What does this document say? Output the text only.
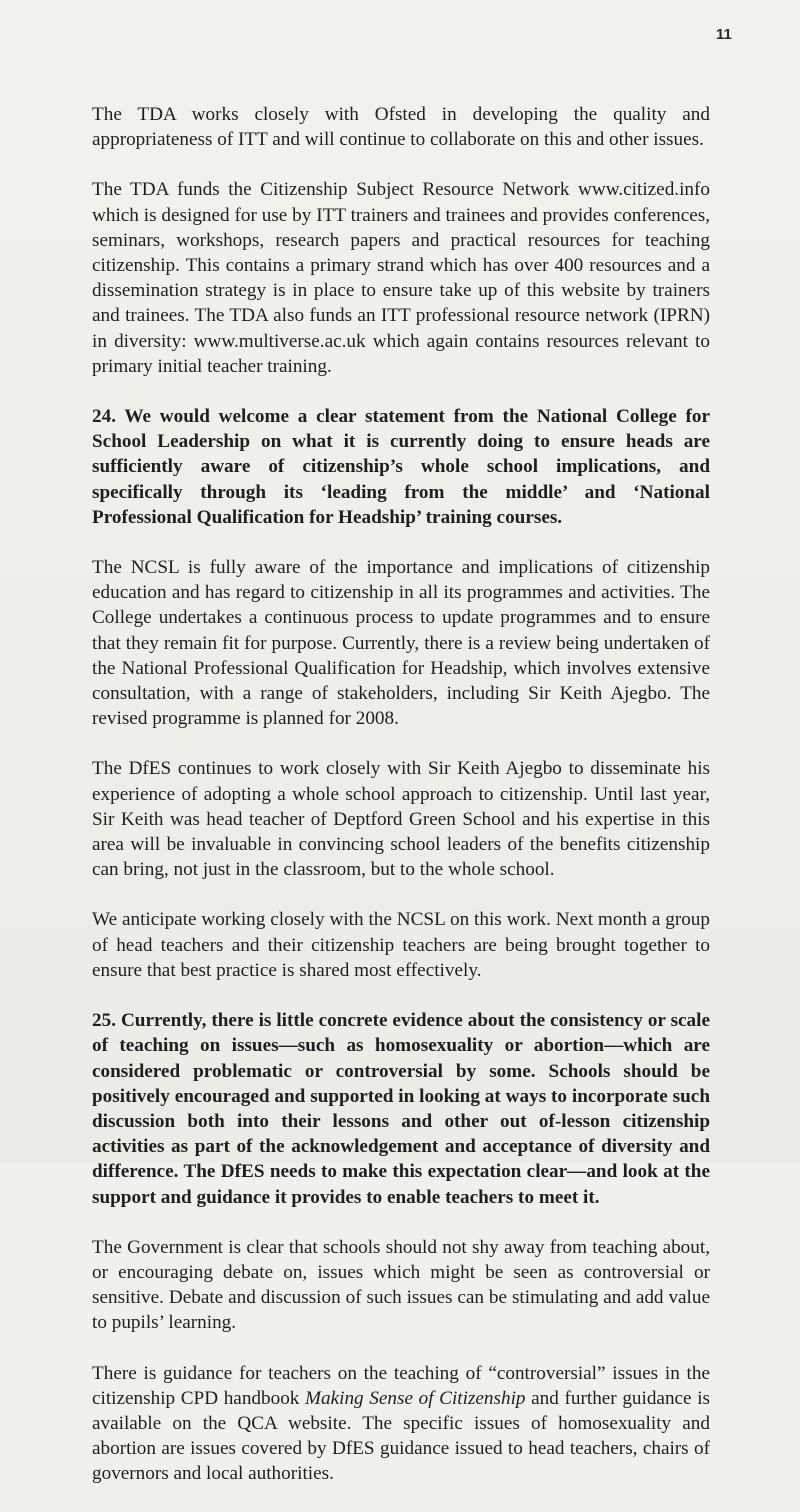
11

The TDA works closely with Ofsted in developing the quality and appropriateness of ITT and will continue to collaborate on this and other issues.

The TDA funds the Citizenship Subject Resource Network www.citized.info which is designed for use by ITT trainers and trainees and provides conferences, seminars, workshops, research papers and practical resources for teaching citizenship. This contains a primary strand which has over 400 resources and a dissemination strategy is in place to ensure take up of this website by trainers and trainees. The TDA also funds an ITT professional resource network (IPRN) in diversity: www.multiverse.ac.uk which again contains resources relevant to primary initial teacher training.

24. We would welcome a clear statement from the National College for School Leadership on what it is currently doing to ensure heads are sufficiently aware of citizenship’s whole school implications, and specifically through its ‘leading from the middle’ and ‘National Professional Qualification for Headship’ training courses.

The NCSL is fully aware of the importance and implications of citizenship education and has regard to citizenship in all its programmes and activities. The College undertakes a continuous process to update programmes and to ensure that they remain fit for purpose. Currently, there is a review being undertaken of the National Professional Qualification for Headship, which involves extensive consultation, with a range of stakeholders, including Sir Keith Ajegbo. The revised programme is planned for 2008.

The DfES continues to work closely with Sir Keith Ajegbo to disseminate his experience of adopting a whole school approach to citizenship. Until last year, Sir Keith was head teacher of Deptford Green School and his expertise in this area will be invaluable in convincing school leaders of the benefits citizenship can bring, not just in the classroom, but to the whole school.

We anticipate working closely with the NCSL on this work. Next month a group of head teachers and their citizenship teachers are being brought together to ensure that best practice is shared most effectively.

25. Currently, there is little concrete evidence about the consistency or scale of teaching on issues—such as homosexuality or abortion—which are considered problematic or controversial by some. Schools should be positively encouraged and supported in looking at ways to incorporate such discussion both into their lessons and other out of-lesson citizenship activities as part of the acknowledgement and acceptance of diversity and difference. The DfES needs to make this expectation clear—and look at the support and guidance it provides to enable teachers to meet it.

The Government is clear that schools should not shy away from teaching about, or encouraging debate on, issues which might be seen as controversial or sensitive. Debate and discussion of such issues can be stimulating and add value to pupils’ learning.

There is guidance for teachers on the teaching of “controversial” issues in the citizenship CPD handbook Making Sense of Citizenship and further guidance is available on the QCA website. The specific issues of homosexuality and abortion are issues covered by DfES guidance issued to head teachers, chairs of governors and local authorities.
